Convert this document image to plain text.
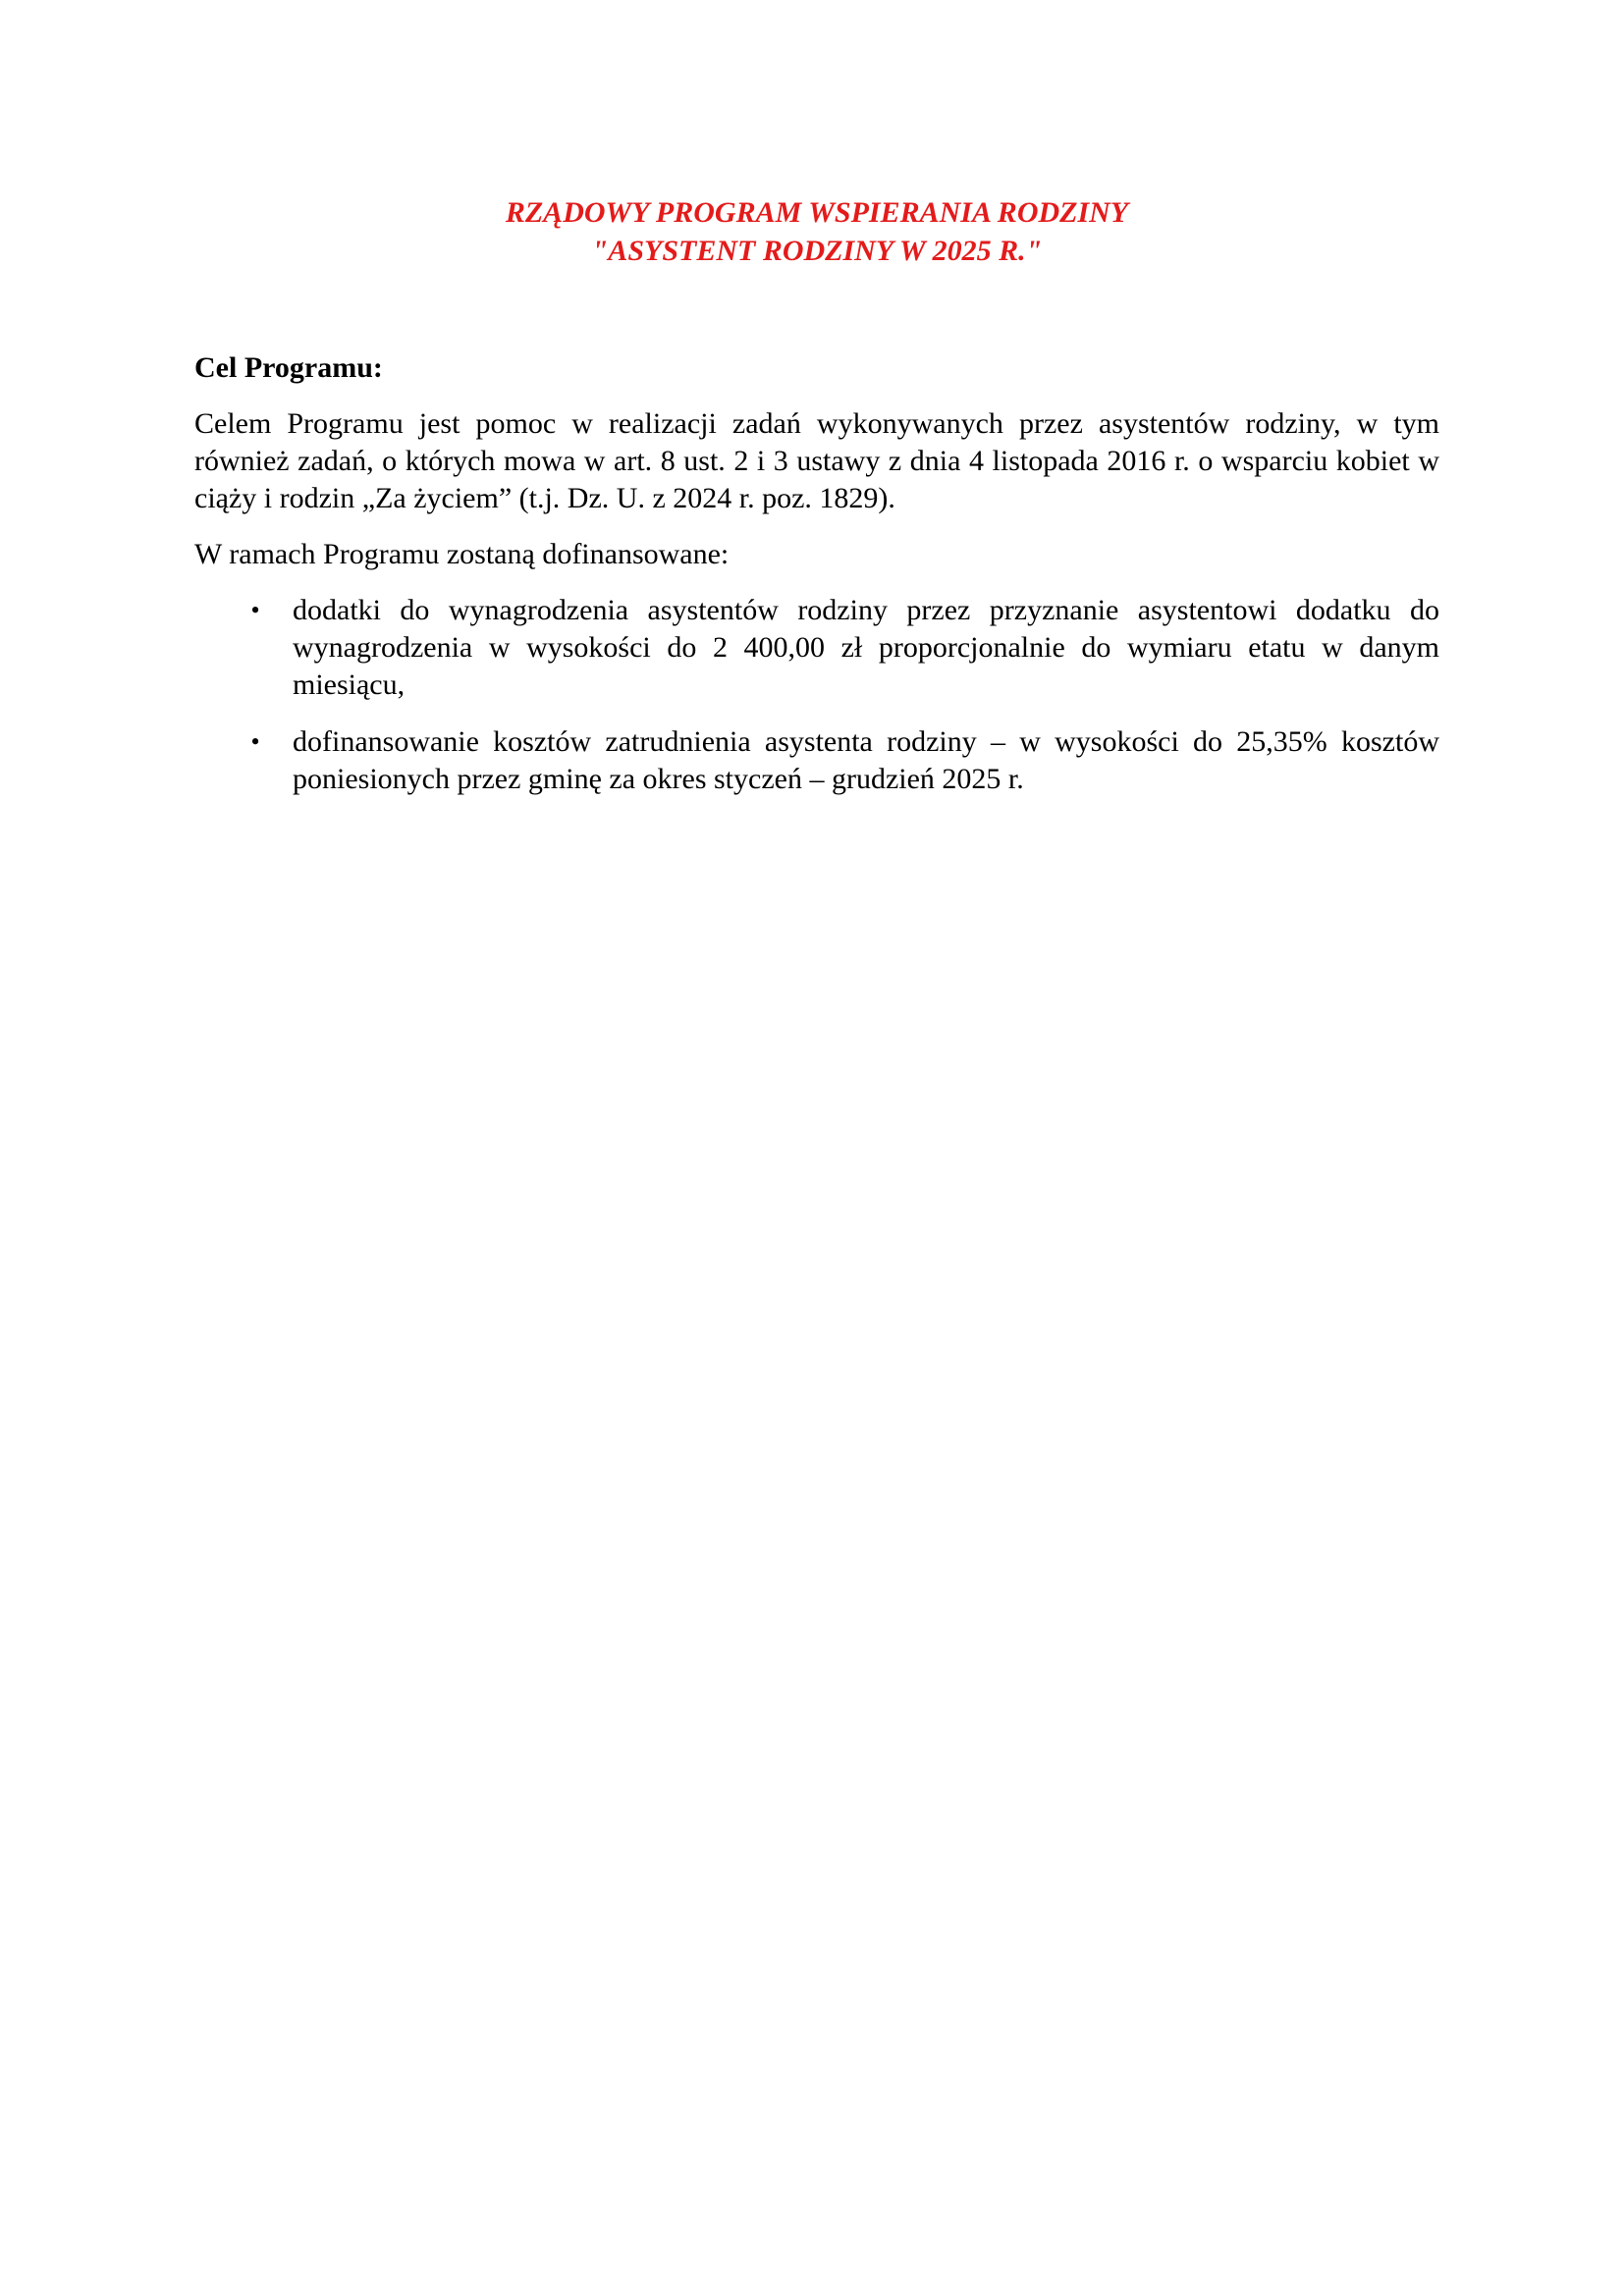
RZĄDOWY PROGRAM WSPIERANIA RODZINY
"ASYSTENT RODZINY W 2025 R."

Cel Programu:

Celem Programu jest pomoc w realizacji zadań wykonywanych przez asystentów rodziny, w tym również zadań, o których mowa w art. 8 ust. 2 i 3 ustawy z dnia 4 listopada 2016 r. o wsparciu kobiet w ciąży i rodzin „Za życiem” (t.j. Dz. U. z 2024 r. poz. 1829).

W ramach Programu zostaną dofinansowane:

• dodatki do wynagrodzenia asystentów rodziny przez przyznanie asystentowi dodatku do wynagrodzenia w wysokości do 2 400,00 zł proporcjonalnie do wymiaru etatu w danym miesiącu,
• dofinansowanie kosztów zatrudnienia asystenta rodziny – w wysokości do 25,35% kosztów poniesionych przez gminę za okres styczeń – grudzień 2025 r.
